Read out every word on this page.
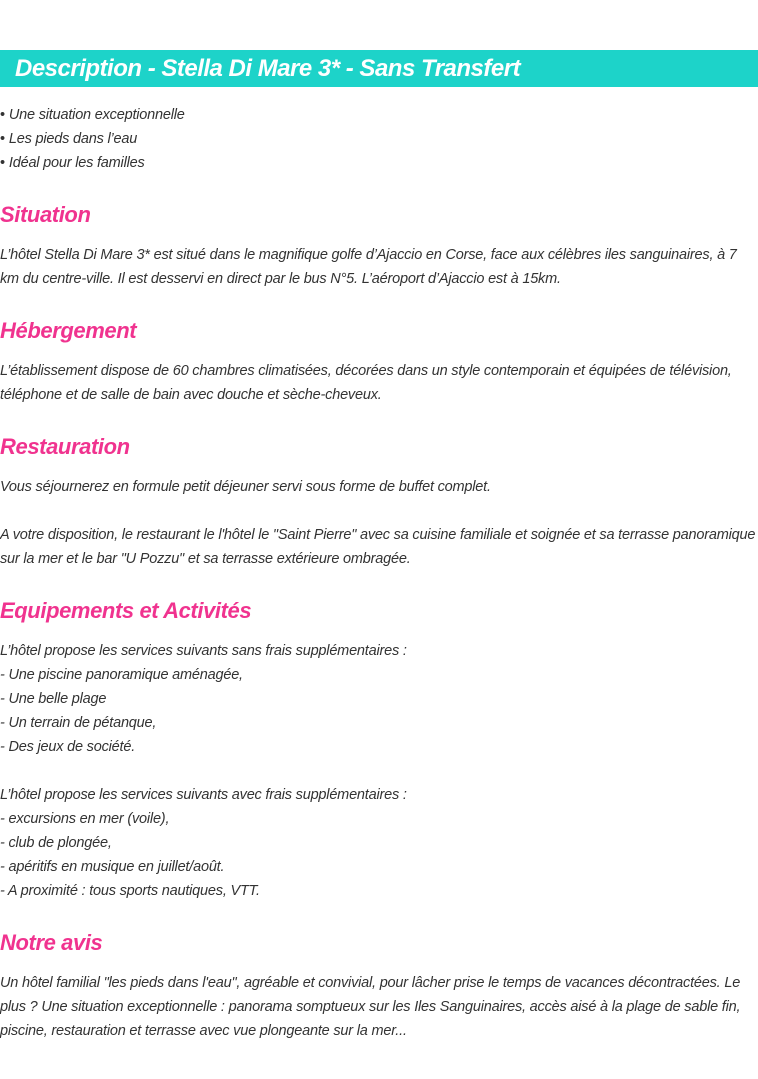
Description - Stella Di Mare 3* - Sans Transfert
• Une situation exceptionnelle
• Les pieds dans l’eau
• Idéal pour les familles
Situation

L’hôtel Stella Di Mare 3* est situé dans le magnifique golfe d’Ajaccio en Corse, face aux célèbres iles sanguinaires, à 7 km du centre-ville. Il est desservi en direct par le bus N°5. L’aéroport d’Ajaccio est à 15km.

Hébergement

L’établissement dispose de 60 chambres climatisées, décorées dans un style contemporain et équipées de télévision, téléphone et de salle de bain avec douche et sèche-cheveux.

Restauration

Vous séjournerez en formule petit déjeuner servi sous forme de buffet complet.

A votre disposition, le restaurant le l'hôtel le "Saint Pierre" avec sa cuisine familiale et soignée et sa terrasse panoramique sur la mer et le bar "U Pozzu" et sa terrasse extérieure ombragée.

Equipements et Activités

L’hôtel propose les services suivants sans frais supplémentaires :

- Une piscine panoramique aménagée,
- Une belle plage
- Un terrain de pétanque,
- Des jeux de société.

L’hôtel propose les services suivants avec frais supplémentaires :

- excursions en mer (voile),
- club de plongée,
- apéritifs en musique en juillet/août.
- A proximité : tous sports nautiques, VTT.
Notre avis

Un hôtel familial "les pieds dans l'eau", agréable et convivial, pour lâcher prise le temps de vacances décontractées. Le plus ? Une situation exceptionnelle : panorama somptueux sur les Iles Sanguinaires, accès aisé à la plage de sable fin, piscine, restauration et terrasse avec vue plongeante sur la mer...
